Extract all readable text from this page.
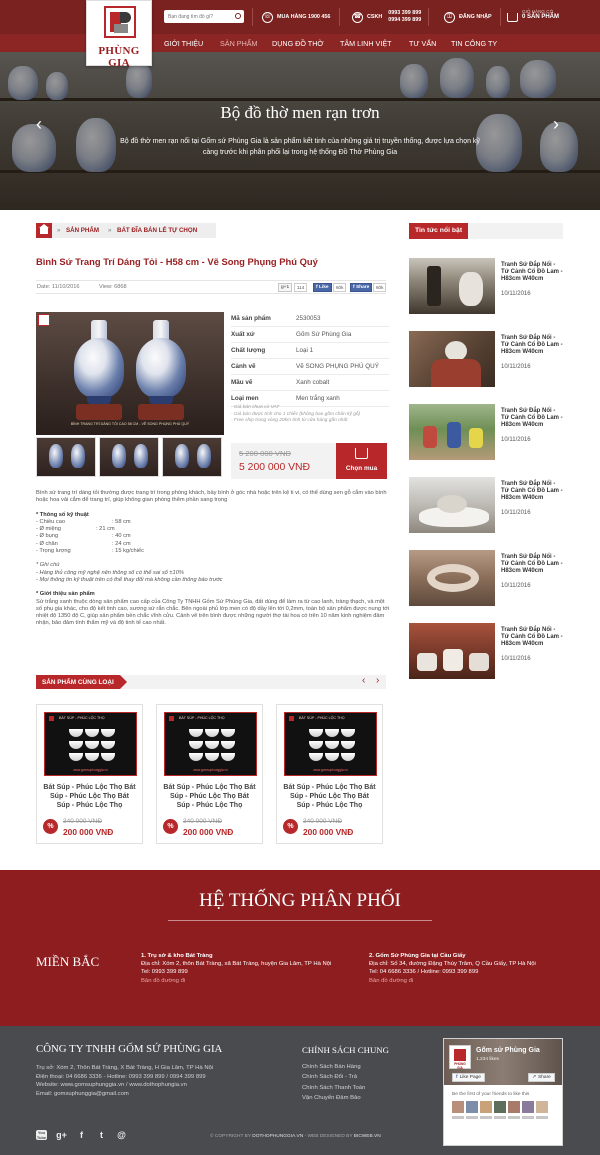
Bạn đang tìm đồ gì?
☏	MUA HÀNG 1900 456	☎	CSKH
0993 399 899
0994 399 899	⚿	ĐĂNG NHẬP
GIỎ HÀNG CÓ
0 SẢN PHẨM
PHÙNG GIA
GIỚI THIỆU SẢN PHẨM DỤNG ĐỒ THỜ TÂM LINH VIỆT TƯ VẤN TIN CÔNG TY
Bộ đồ thờ men rạn trơn
Bộ đồ thờ men rạn nổi tại Gốm sứ Phùng Gia là sản phẩm kết tinh của những giá trị truyền thống, được lựa chọn kỹ càng trước khi phân phối lại trong hệ thống Đồ Thờ Phùng Gia
‹	›
» SẢN PHẨM » BÁT ĐĨA BÁN LẺ TỰ CHỌN
Bình Sứ Trang Trí Dáng Tỏi - H58 cm - Vẽ Song Phụng Phú Quý
Date: 11/10/2016	View: 6868	g+1	114	f Like	60k	f Share	60k
BÌNH TRANG TRÍ DÁNG TỎI CAO 58 CM - VẼ SONG PHỤNG PHÚ QUÝ
Mã sản phẩm	2530053
Xuất xứ	Gốm Sứ Phùng Gia
Chất lượng	Loại 1
Cảnh vẽ	Vẽ SONG PHỤNG PHÚ QUÝ
Mầu vẽ	Xanh cobalt
Loại men	Men trắng xanh
- Giá bán chưa có VAT
- Giá bán được tính cho 1 chiếc (không bao gồm chân kỹ gỗ)
- Free ship trong vòng 20km tính từ cửa hàng gần nhất
5 200 000 VNĐ
5 200 000 VNĐ	Chọn mua
Bình sứ trang trí dáng tỏi thường được trang trí trong phòng khách, bày bình ở góc nhà hoặc trên kệ ti vi, có thể dùng sen gỗ cắm vào bình hoặc hoa vải cắm để trang trí, giúp không gian phòng thêm phần sang trọng
* Thông số kỹ thuật
- Chiều cao	: 58 cm
- Ø miệng	: 21 cm
- Ø bụng	: 40 cm
- Ø chân	: 24 cm
- Trọng lượng	: 15 kg/chiếc
* Ghi chú
- Hàng thủ công mỹ nghệ nên thông số có thể sai số ±10%
- Mọi thông tin kỹ thuật trên có thể thay đổi mà không cần thông báo trước
* Giới thiệu sản phẩm
Sứ trắng xanh thuộc dòng sản phẩm cao cấp của Công Ty TNHH Gốm Sứ Phùng Gia, đất dùng để làm ra từ cao lanh, tràng thạch, và một số phụ gia khác, cho độ kết tinh cao, sương sứ rắn chắc. Bên ngoài phủ lớp men có độ dầy lên tới 0,2mm, toàn bộ sản phẩm được nung tới nhiệt độ 1350 độ C, giúp sản phẩm bền chắc vĩnh cửu. Cảnh vẽ trên bình được những người thợ tài hoa có trên 10 năm kinh nghiệm đảm nhận, bảo đảm tính thẩm mỹ và độ tinh tế cao nhất.
SẢN PHẨM CÙNG LOẠI	‹ ›
BÁT SÚP - PHÚC LỘC THỌ
www.gomsuphunggia.vn
Bát Súp - Phúc Lộc Thọ Bát Súp - Phúc Lộc Thọ Bát Súp - Phúc Lộc Thọ
%
340 000 VNĐ
200 000 VNĐ
BÁT SÚP - PHÚC LỘC THỌ
www.gomsuphunggia.vn
Bát Súp - Phúc Lộc Thọ Bát Súp - Phúc Lộc Thọ Bát Súp - Phúc Lộc Thọ
%
340 000 VNĐ
200 000 VNĐ
BÁT SÚP - PHÚC LỘC THỌ
www.gomsuphunggia.vn
Bát Súp - Phúc Lộc Thọ Bát Súp - Phúc Lộc Thọ Bát Súp - Phúc Lộc Thọ
%
340 000 VNĐ
200 000 VNĐ
Tin tức nổi bật
Tranh Sứ Đắp Nổi - Tứ Cảnh Cổ Đồ Lam -H83cm W40cm
10/11/2016
Tranh Sứ Đắp Nổi - Tứ Cảnh Cổ Đồ Lam -H83cm W40cm
10/11/2016
Tranh Sứ Đắp Nổi - Tứ Cảnh Cổ Đồ Lam -H83cm W40cm
10/11/2016
Tranh Sứ Đắp Nổi - Tứ Cảnh Cổ Đồ Lam -H83cm W40cm
10/11/2016
Tranh Sứ Đắp Nổi - Tứ Cảnh Cổ Đồ Lam -H83cm W40cm
10/11/2016
Tranh Sứ Đắp Nổi - Tứ Cảnh Cổ Đồ Lam -H83cm W40cm
10/11/2016
HỆ THỐNG PHÂN PHỐI
MIỀN BẮC	1. Trụ sở & kho Bát Tràng
Địa chỉ: Xóm 2, thôn Bát Tràng, xã Bát Tràng, huyện Gia Lâm, TP Hà Nội
Tel: 0993 399 899
Bản đồ đường đi
2. Gốm Sứ Phùng Gia tại Cầu Giấy
Địa chỉ: Số 34, đường Đặng Thùy Trâm, Q Cầu Giấy, TP Hà Nội
Tel: 04 6686 3336 / Hotline: 0993 399 899
Bản đồ đường đi
CÔNG TY TNHH GỐM SỨ PHÙNG GIA
Trụ sở: Xóm 2, Thôn Bát Tràng, X Bát Tràng, H Gia Lâm, TP Hà Nội
Điện thoại: 04 6686 3336 - Hotline: 0993 399 899 / 0994 399 899
Website: www.gomsuphunggia.vn / www.dothophungia.vn
Email: gomsuphunggia@gmail.com
CHÍNH SÁCH CHUNG
Chính Sách Bán Hàng
Chính Sách Đổi - Trả
Chính Sách Thanh Toán
Vận Chuyển Đảm Bảo
You Tube g+	f	t	@	© COPYRIGHT BY DOTHOPHUNGGIA.VN - WEB DESIGNED BY BICWEB.VN
PHÙNG GIA
Gốm sứ Phùng Gia
1,234 likes
f Like Page	↗ Share
Be the first of your friends to like this
